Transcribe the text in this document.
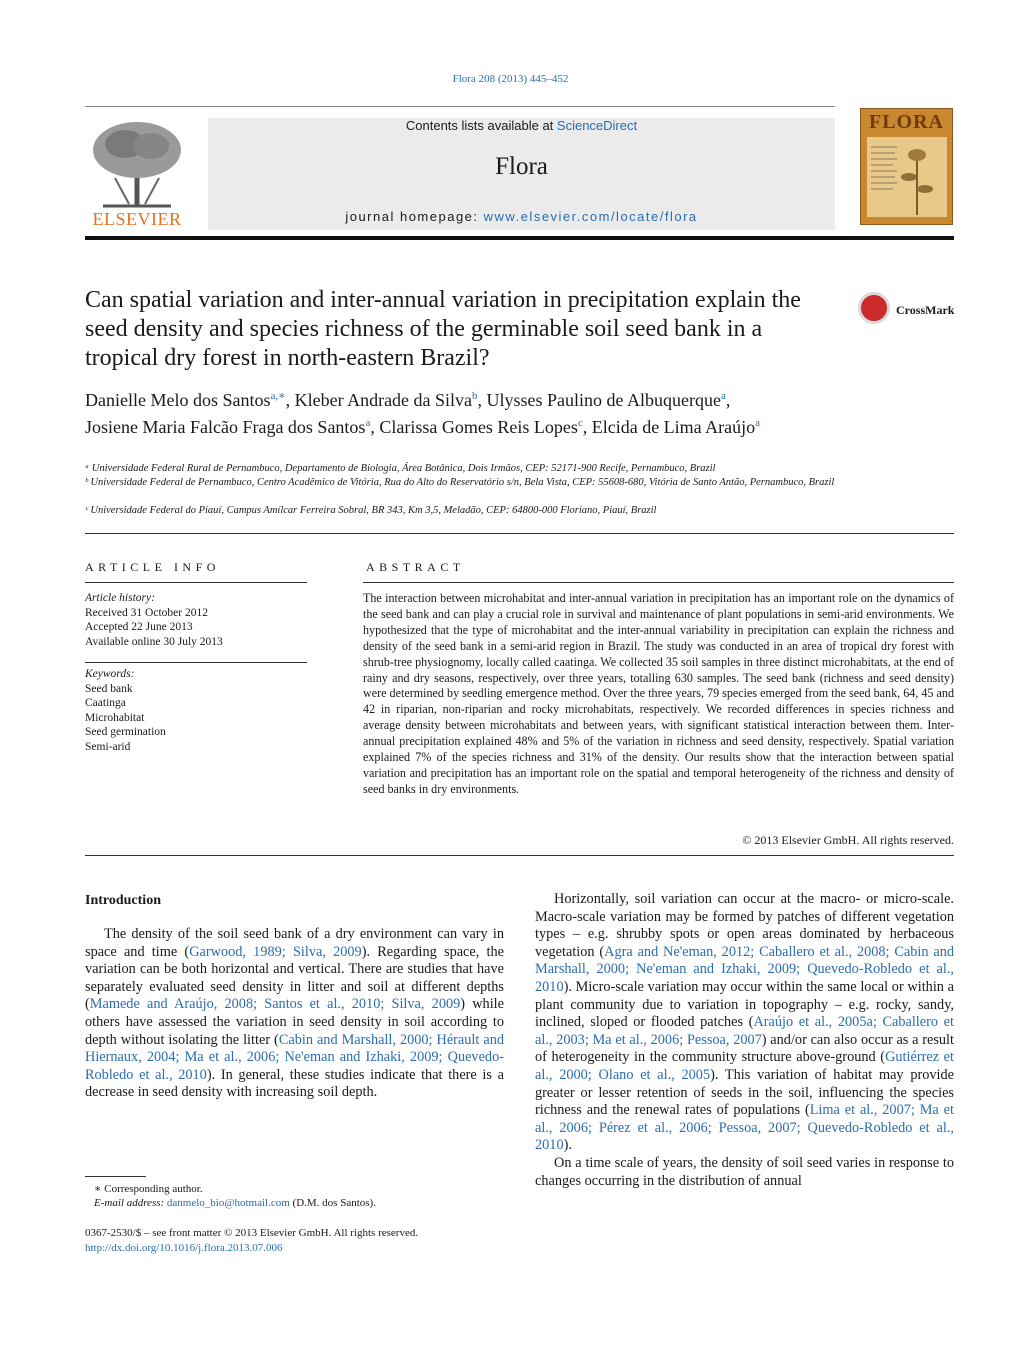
Flora 208 (2013) 445–452
ELSEVIER
Contents lists available at ScienceDirect
Flora
journal homepage: www.elsevier.com/locate/flora
FLORA
Can spatial variation and inter-annual variation in precipitation explain the seed density and species richness of the germinable soil seed bank in a tropical dry forest in north-eastern Brazil?
CrossMark
Danielle Melo dos Santos$^{a,∗}$, Kleber Andrade da Silva$^b$, Ulysses Paulino de Albuquerque$^a$,
Josiene Maria Falcão Fraga dos Santos$^a$, Clarissa Gomes Reis Lopes$^c$, Elcida de Lima Araújo$^a$
ᵃ Universidade Federal Rural de Pernambuco, Departamento de Biologia, Área Botânica, Dois Irmãos, CEP: 52171-900 Recife, Pernambuco, Brazil
ᵇ Universidade Federal de Pernambuco, Centro Acadêmico de Vitória, Rua do Alto do Reservatório s/n, Bela Vista, CEP: 55608-680, Vitória de Santo Antão, Pernambuco, Brazil
ᶜ Universidade Federal do Piauí, Campus Amílcar Ferreira Sobral, BR 343, Km 3,5, Meladão, CEP: 64800-000 Floriano, Piauí, Brazil
ARTICLE INFO
Article history:
Received 31 October 2012
Accepted 22 June 2013
Available online 30 July 2013
Keywords:
Seed bank
Caatinga
Microhabitat
Seed germination
Semi-arid
ABSTRACT
The interaction between microhabitat and inter-annual variation in precipitation has an important role on the dynamics of the seed bank and can play a crucial role in survival and maintenance of plant populations in semi-arid environments. We hypothesized that the type of microhabitat and the inter-annual variability in precipitation can explain the richness and density of the seed bank in a semi-arid region in Brazil. The study was conducted in an area of tropical dry forest with shrub-tree physiognomy, locally called caatinga. We collected 35 soil samples in three distinct microhabitats, at the end of rainy and dry seasons, respectively, over three years, totalling 630 samples. The seed bank (richness and seed density) were determined by seedling emergence method. Over the three years, 79 species emerged from the seed bank, 64, 45 and 42 in riparian, non-riparian and rocky microhabitats, respectively. We recorded differences in species richness and average density between microhabitats and between years, with significant statistical interaction between them. Inter-annual precipitation explained 48% and 5% of the variation in richness and seed density, respectively. Spatial variation explained 7% of the species richness and 31% of the density. Our results show that the interaction between spatial variation and precipitation has an important role on the spatial and temporal heterogeneity of the richness and density of seed banks in dry environments.
© 2013 Elsevier GmbH. All rights reserved.
Introduction

The density of the soil seed bank of a dry environment can vary in space and time (Garwood, 1989; Silva, 2009). Regarding space, the variation can be both horizontal and vertical. There are studies that have separately evaluated seed density in litter and soil at different depths (Mamede and Araújo, 2008; Santos et al., 2010; Silva, 2009) while others have assessed the variation in seed density in soil according to depth without isolating the litter (Cabin and Marshall, 2000; Hérault and Hiernaux, 2004; Ma et al., 2006; Ne'eman and Izhaki, 2009; Quevedo-Robledo et al., 2010). In general, these studies indicate that there is a decrease in seed density with increasing soil depth.

Horizontally, soil variation can occur at the macro- or micro-scale. Macro-scale variation may be formed by patches of different vegetation types – e.g. shrubby spots or open areas dominated by herbaceous vegetation (Agra and Ne'eman, 2012; Caballero et al., 2008; Cabin and Marshall, 2000; Ne'eman and Izhaki, 2009; Quevedo-Robledo et al., 2010). Micro-scale variation may occur within the same local or within a plant community due to variation in topography – e.g. rocky, sandy, inclined, sloped or flooded patches (Araújo et al., 2005a; Caballero et al., 2003; Ma et al., 2006; Pessoa, 2007) and/or can also occur as a result of heterogeneity in the community structure above-ground (Gutiérrez et al., 2000; Olano et al., 2005). This variation of habitat may provide greater or lesser retention of seeds in the soil, influencing the species richness and the renewal rates of populations (Lima et al., 2007; Ma et al., 2006; Pérez et al., 2006; Pessoa, 2007; Quevedo-Robledo et al., 2010).

On a time scale of years, the density of soil seed varies in response to changes occurring in the distribution of annual

∗ Corresponding author.
E-mail address: danmelo_bio@hotmail.com (D.M. dos Santos).
0367-2530/$ – see front matter © 2013 Elsevier GmbH. All rights reserved.
http://dx.doi.org/10.1016/j.flora.2013.07.006
